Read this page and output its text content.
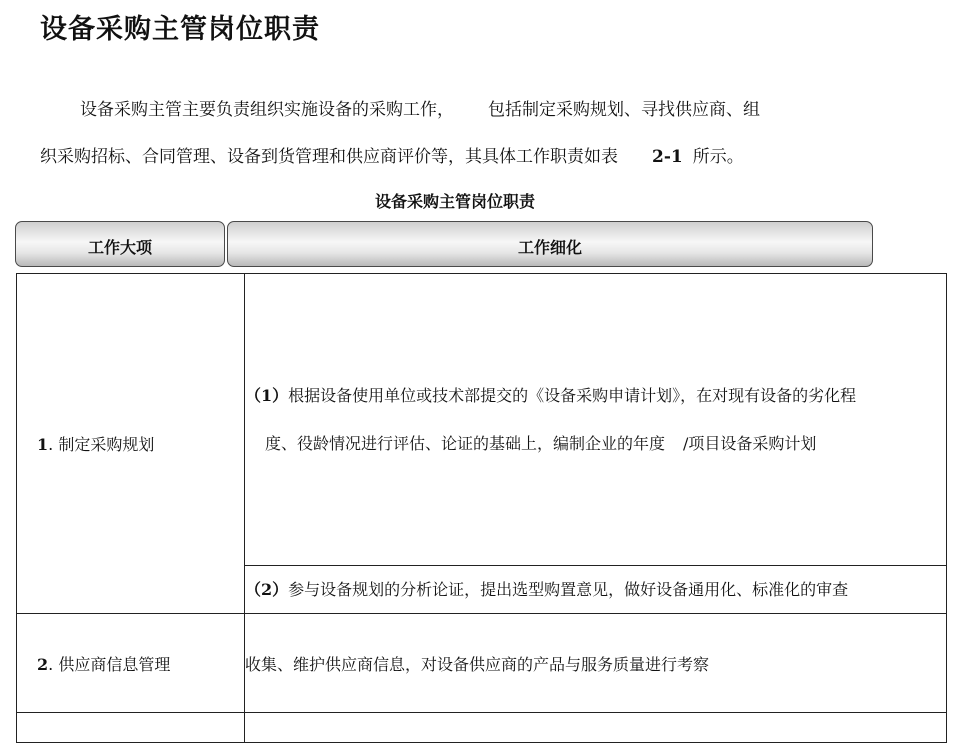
设备采购主管岗位职责
设备采购主管主要负责组织实施设备的采购工作， 包括制定采购规划、寻找供应商、组
织采购招标、合同管理、设备到货管理和供应商评价等，其具体工作职责如表 2-1 所示。
设备采购主管岗位职责
工作大项	工作细化
1. 制定采购规划	（1）根据设备使用单位或技术部提交的《设备采购申请计划》，在对现有设备的劣化程
度、役龄情况进行评估、论证的基础上，编制企业的年度 /项目设备采购计划

	（2）参与设备规划的分析论证，提出选型购置意见，做好设备通用化、标准化的审查
2. 供应商信息管理	收集、维护供应商信息，对设备供应商的产品与服务质量进行考察
